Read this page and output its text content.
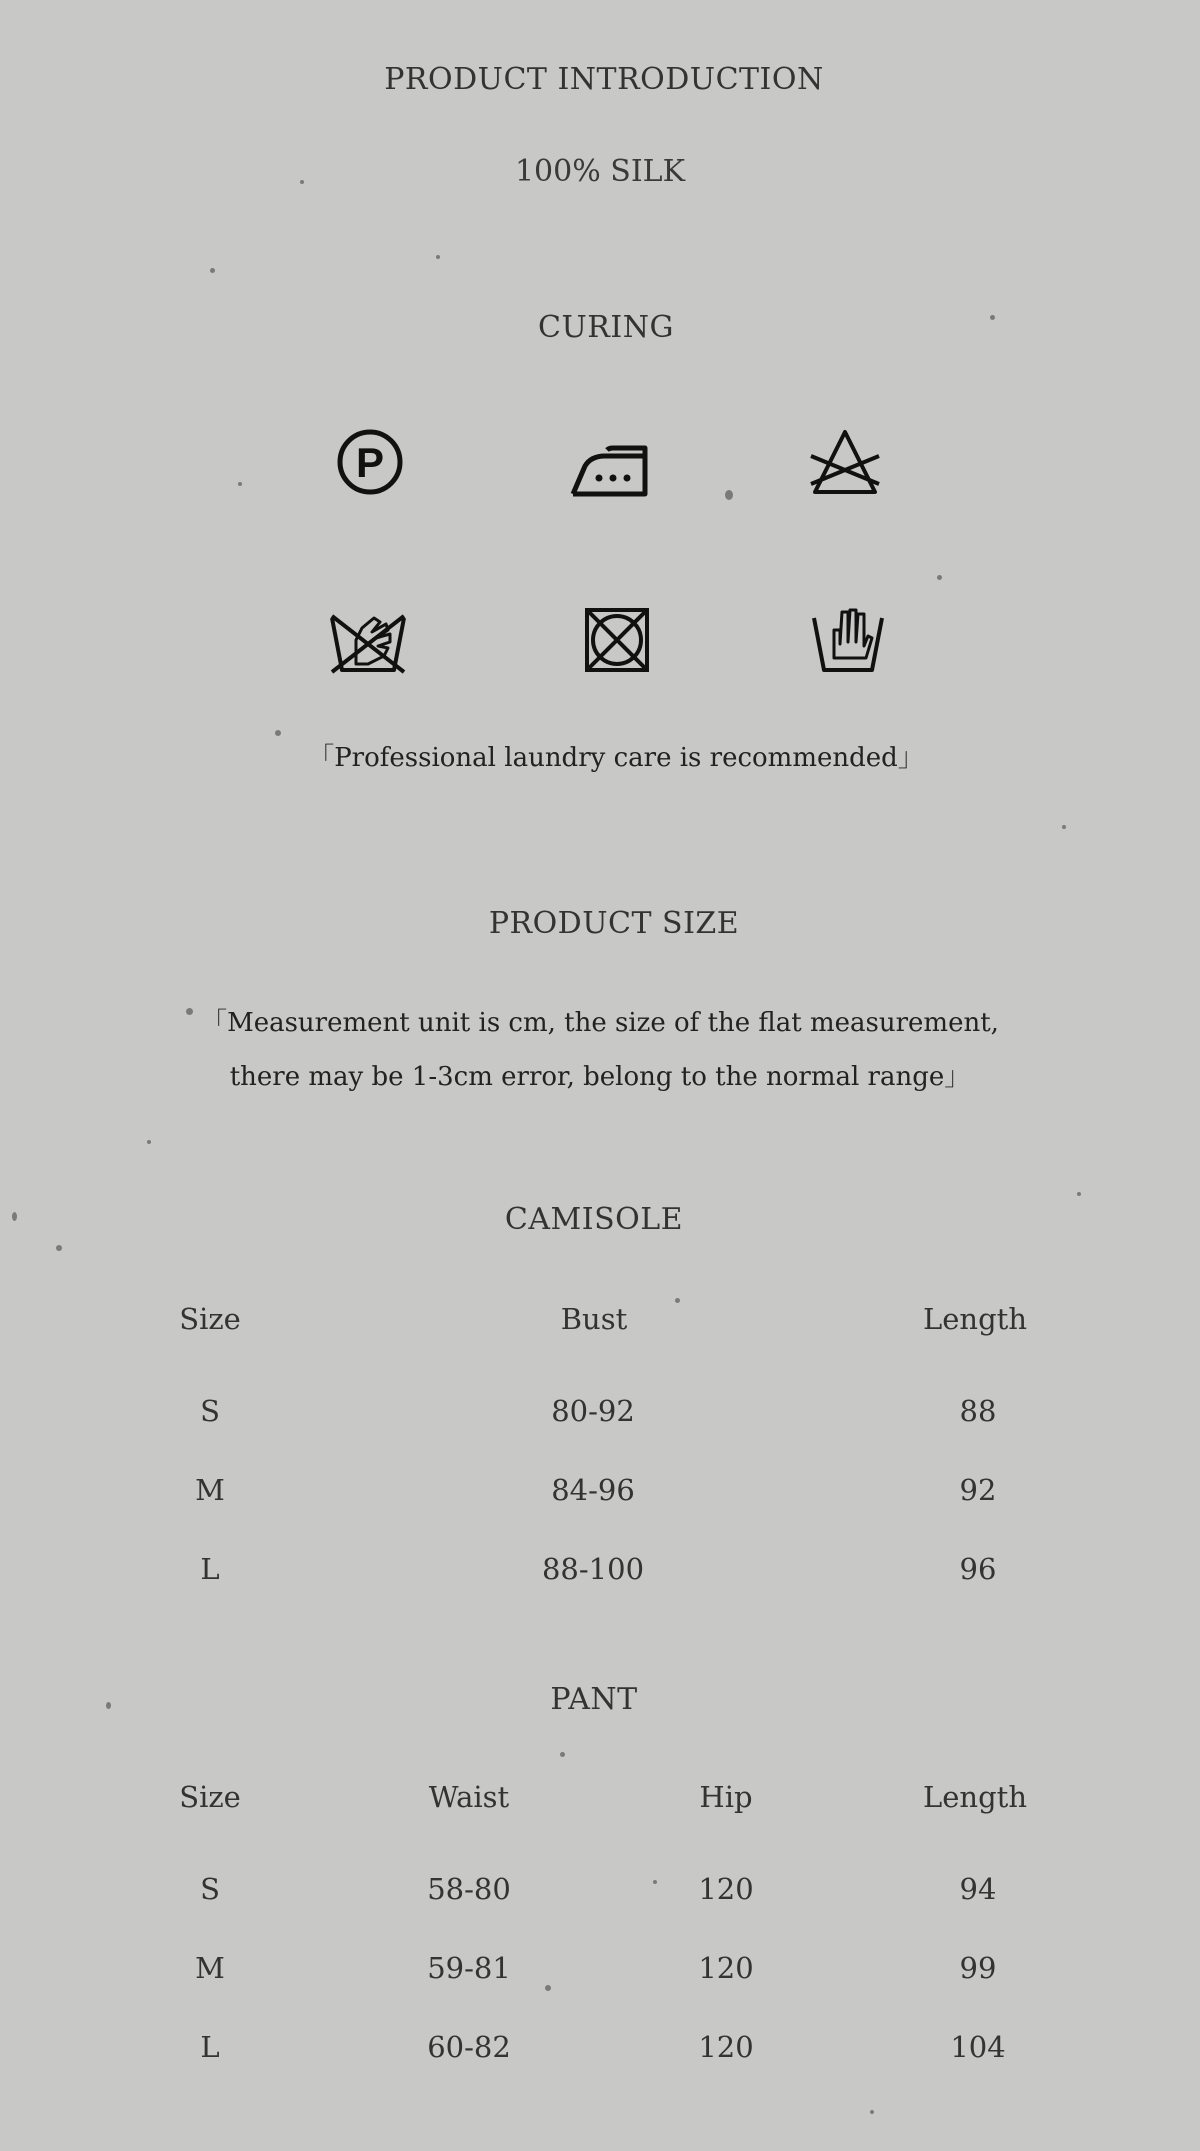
PRODUCT INTRODUCTION
100% SILK
CURING
P
「Professional laundry care is recommended」
PRODUCT SIZE
「Measurement unit is cm, the size of the flat measurement,
there may be 1-3cm error, belong to the normal range」
CAMISOLE
Size	Bust	Length
S	80-92	88
M	84-96	92
L	88-100	96
PANT
Size	Waist	Hip	Length
S	58-80	120	94
M	59-81	120	99
L	60-82	120	104
